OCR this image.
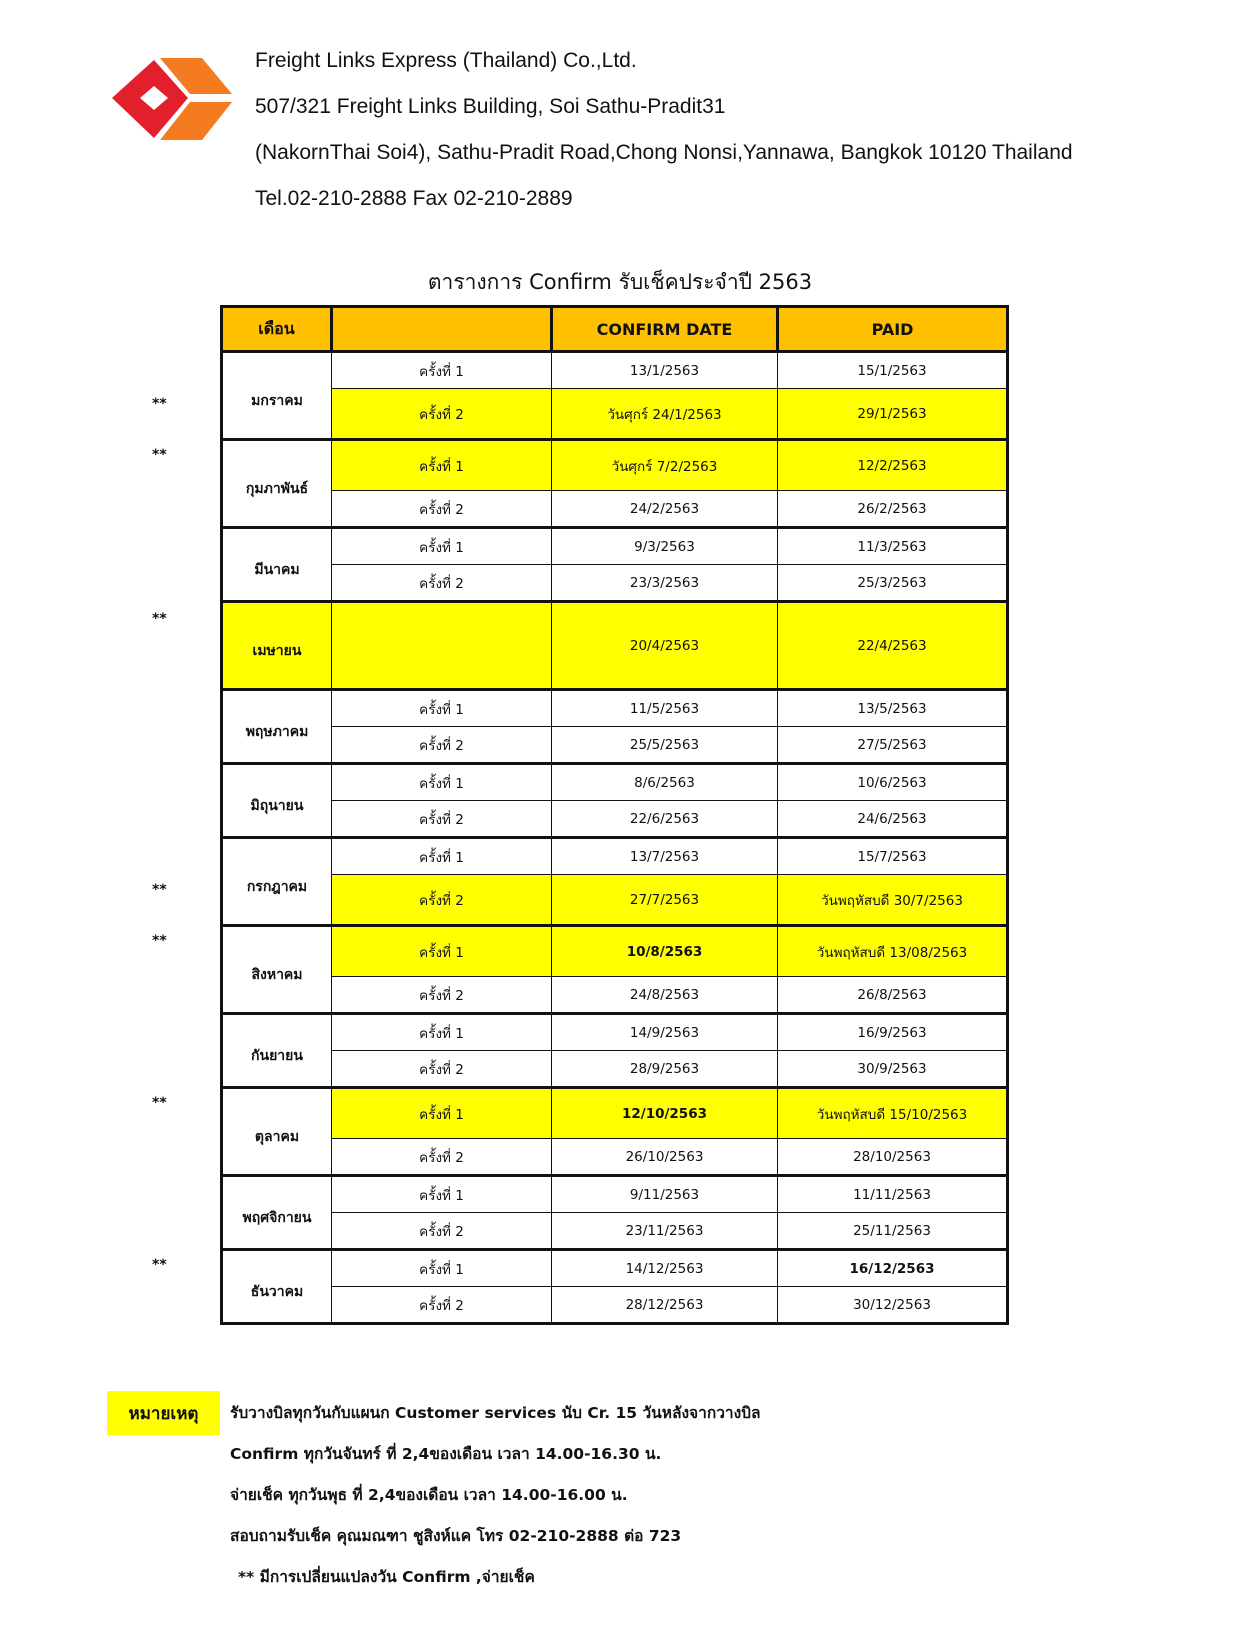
Freight Links Express (Thailand) Co.,Ltd.
507/321 Freight Links Building, Soi Sathu-Pradit31
(NakornThai Soi4), Sathu-Pradit Road,Chong Nonsi,Yannawa, Bangkok 10120 Thailand
Tel.02-210-2888 Fax 02-210-2889
ตารางการ Confirm รับเช็คประจำปี 2563
เดือน		CONFIRM DATE	PAID
มกราคม	ครั้งที่ 1	13/1/2563	15/1/2563
	ครั้งที่ 2	วันศุกร์ 24/1/2563	29/1/2563
กุมภาพันธ์	ครั้งที่ 1	วันศุกร์ 7/2/2563	12/2/2563
	ครั้งที่ 2	24/2/2563	26/2/2563
มีนาคม	ครั้งที่ 1	9/3/2563	11/3/2563
	ครั้งที่ 2	23/3/2563	25/3/2563
เมษายน		20/4/2563	22/4/2563
พฤษภาคม	ครั้งที่ 1	11/5/2563	13/5/2563
	ครั้งที่ 2	25/5/2563	27/5/2563
มิถุนายน	ครั้งที่ 1	8/6/2563	10/6/2563
	ครั้งที่ 2	22/6/2563	24/6/2563
กรกฎาคม	ครั้งที่ 1	13/7/2563	15/7/2563
	ครั้งที่ 2	27/7/2563	วันพฤหัสบดี 30/7/2563
สิงหาคม	ครั้งที่ 1	10/8/2563	วันพฤหัสบดี 13/08/2563
	ครั้งที่ 2	24/8/2563	26/8/2563
กันยายน	ครั้งที่ 1	14/9/2563	16/9/2563
	ครั้งที่ 2	28/9/2563	30/9/2563
ตุลาคม	ครั้งที่ 1	12/10/2563	วันพฤหัสบดี 15/10/2563
	ครั้งที่ 2	26/10/2563	28/10/2563
พฤศจิกายน	ครั้งที่ 1	9/11/2563	11/11/2563
	ครั้งที่ 2	23/11/2563	25/11/2563
ธันวาคม	ครั้งที่ 1	14/12/2563	16/12/2563
	ครั้งที่ 2	28/12/2563	30/12/2563
**
**
**
**
**
**
**
หมายเหตุ	รับวางบิลทุกวันกับแผนก Customer services นับ Cr. 15 วันหลังจากวางบิล
Confirm ทุกวันจันทร์ ที่ 2,4ของเดือน เวลา 14.00-16.30 น.
จ่ายเช็ค ทุกวันพุธ ที่ 2,4ของเดือน เวลา 14.00-16.00 น.
สอบถามรับเช็ค คุณมณฑา ชูสิงห์แค โทร 02-210-2888 ต่อ 723
** มีการเปลี่ยนแปลงวัน Confirm ,จ่ายเช็ค
